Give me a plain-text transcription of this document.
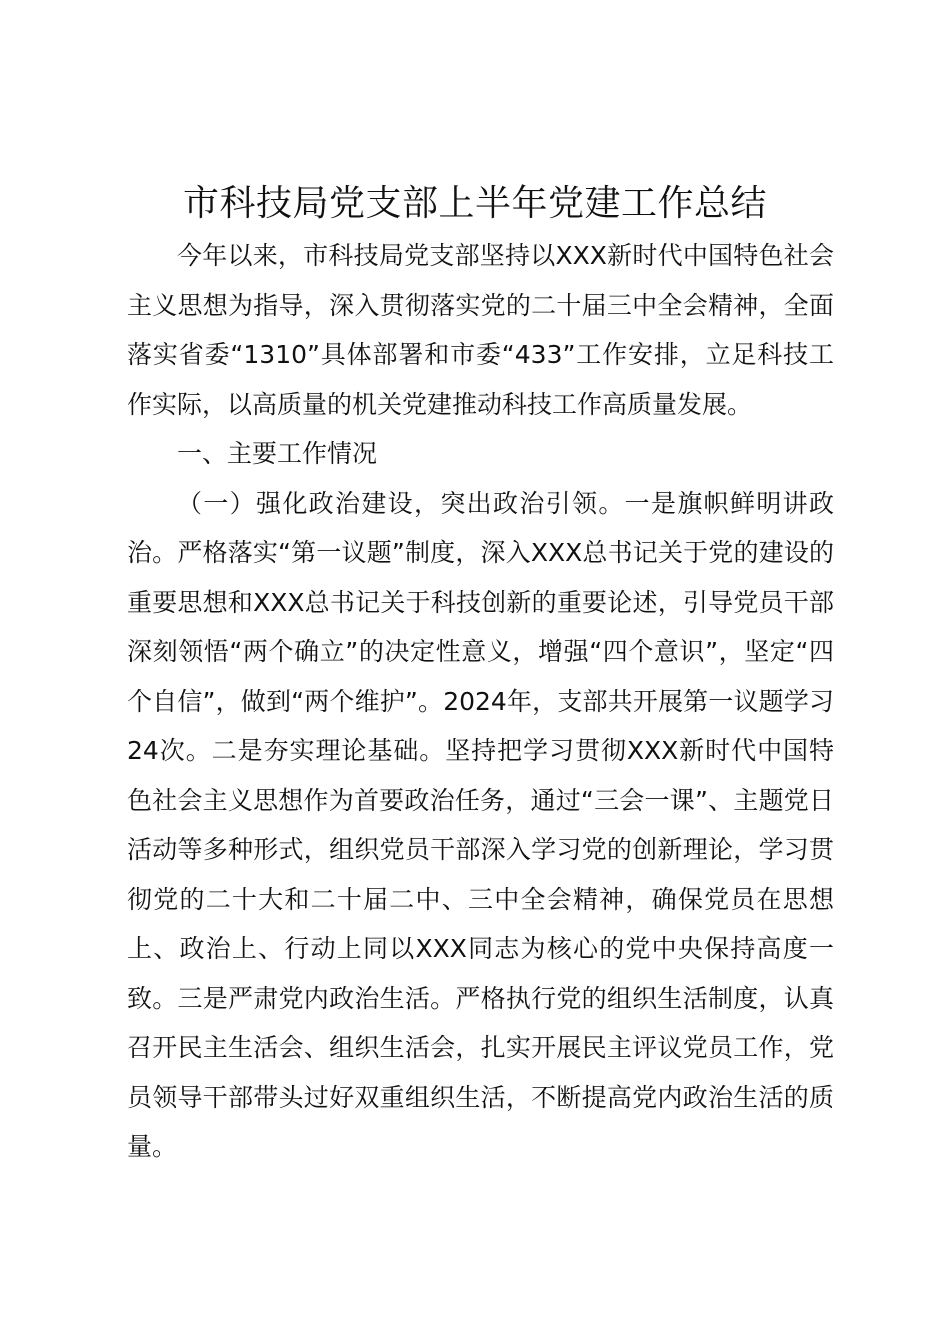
市科技局党支部上半年党建工作总结

今年以来，市科技局党支部坚持以XXX新时代中国特色社会主义思想为指导，深入贯彻落实党的二十届三中全会精神，全面落实省委“1310”具体部署和市委“433”工作安排，立足科技工作实际，以高质量的机关党建推动科技工作高质量发展。

一、主要工作情况

（一）强化政治建设，突出政治引领。一是旗帜鲜明讲政治。严格落实“第一议题”制度，深入XXX总书记关于党的建设的重要思想和XXX总书记关于科技创新的重要论述，引导党员干部深刻领悟“两个确立”的决定性意义，增强“四个意识”，坚定“四个自信”，做到“两个维护”。2024年，支部共开展第一议题学习24次。二是夯实理论基础。坚持把学习贯彻XXX新时代中国特色社会主义思想作为首要政治任务，通过“三会一课”、主题党日活动等多种形式，组织党员干部深入学习党的创新理论，学习贯彻党的二十大和二十届二中、三中全会精神，确保党员在思想上、政治上、行动上同以XXX同志为核心的党中央保持高度一致。三是严肃党内政治生活。严格执行党的组织生活制度，认真召开民主生活会、组织生活会，扎实开展民主评议党员工作，党员领导干部带头过好双重组织生活，不断提高党内政治生活的质量。
